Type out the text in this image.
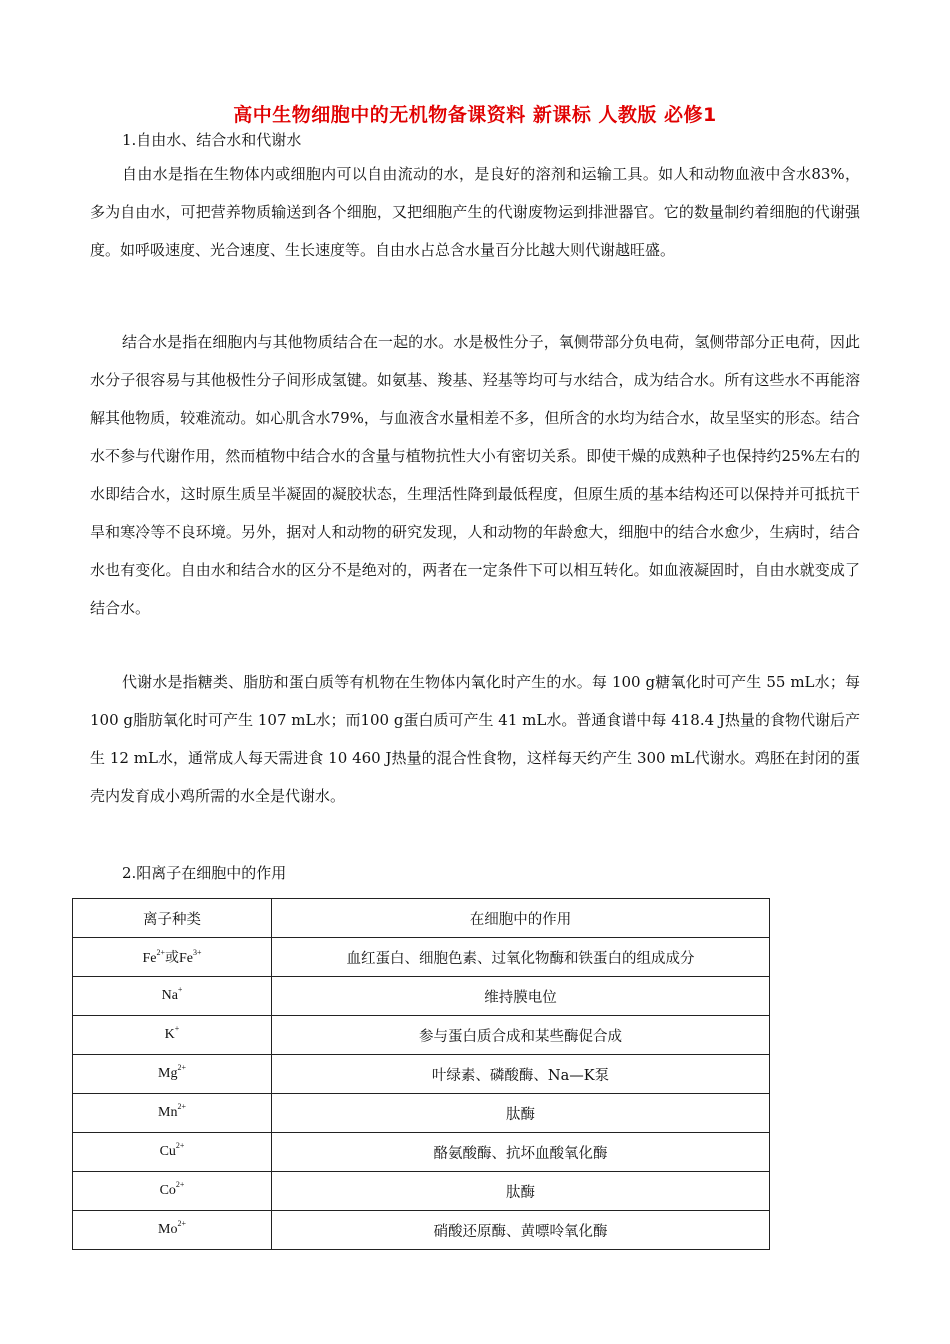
高中生物细胞中的无机物备课资料 新课标 人教版 必修1
1.自由水、结合水和代谢水
自由水是指在生物体内或细胞内可以自由流动的水，是良好的溶剂和运输工具。如人和动物血液中含水83%，多为自由水，可把营养物质输送到各个细胞，又把细胞产生的代谢废物运到排泄器官。它的数量制约着细胞的代谢强度。如呼吸速度、光合速度、生长速度等。自由水占总含水量百分比越大则代谢越旺盛。
结合水是指在细胞内与其他物质结合在一起的水。水是极性分子，氧侧带部分负电荷，氢侧带部分正电荷，因此水分子很容易与其他极性分子间形成氢键。如氨基、羧基、羟基等均可与水结合，成为结合水。所有这些水不再能溶解其他物质，较难流动。如心肌含水79%，与血液含水量相差不多，但所含的水均为结合水，故呈坚实的形态。结合水不参与代谢作用，然而植物中结合水的含量与植物抗性大小有密切关系。即使干燥的成熟种子也保持约25%左右的水即结合水，这时原生质呈半凝固的凝胶状态，生理活性降到最低程度，但原生质的基本结构还可以保持并可抵抗干旱和寒冷等不良环境。另外，据对人和动物的研究发现，人和动物的年龄愈大，细胞中的结合水愈少，生病时，结合水也有变化。自由水和结合水的区分不是绝对的，两者在一定条件下可以相互转化。如血液凝固时，自由水就变成了结合水。
代谢水是指糖类、脂肪和蛋白质等有机物在生物体内氧化时产生的水。每 100 g糖氧化时可产生 55 mL水；每100 g脂肪氧化时可产生 107 mL水；而100 g蛋白质可产生 41 mL水。普通食谱中每 418.4 J热量的食物代谢后产生 12 mL水，通常成人每天需进食 10 460 J热量的混合性食物，这样每天约产生 300 mL代谢水。鸡胚在封闭的蛋壳内发育成小鸡所需的水全是代谢水。
2.阳离子在细胞中的作用
离子种类	在细胞中的作用
$Fe^{2+}$或$Fe^{3+}$	血红蛋白、细胞色素、过氧化物酶和铁蛋白的组成成分
Na+	维持膜电位
K+	参与蛋白质合成和某些酶促合成
$Mg^{2+}$	叶绿素、磷酸酶、Na—K泵
$Mn^{2+}$	肽酶
$Cu^{2+}$	酪氨酸酶、抗坏血酸氧化酶
$Co^{2+}$	肽酶
$Mo^{2+}$	硝酸还原酶、黄嘌呤氧化酶
